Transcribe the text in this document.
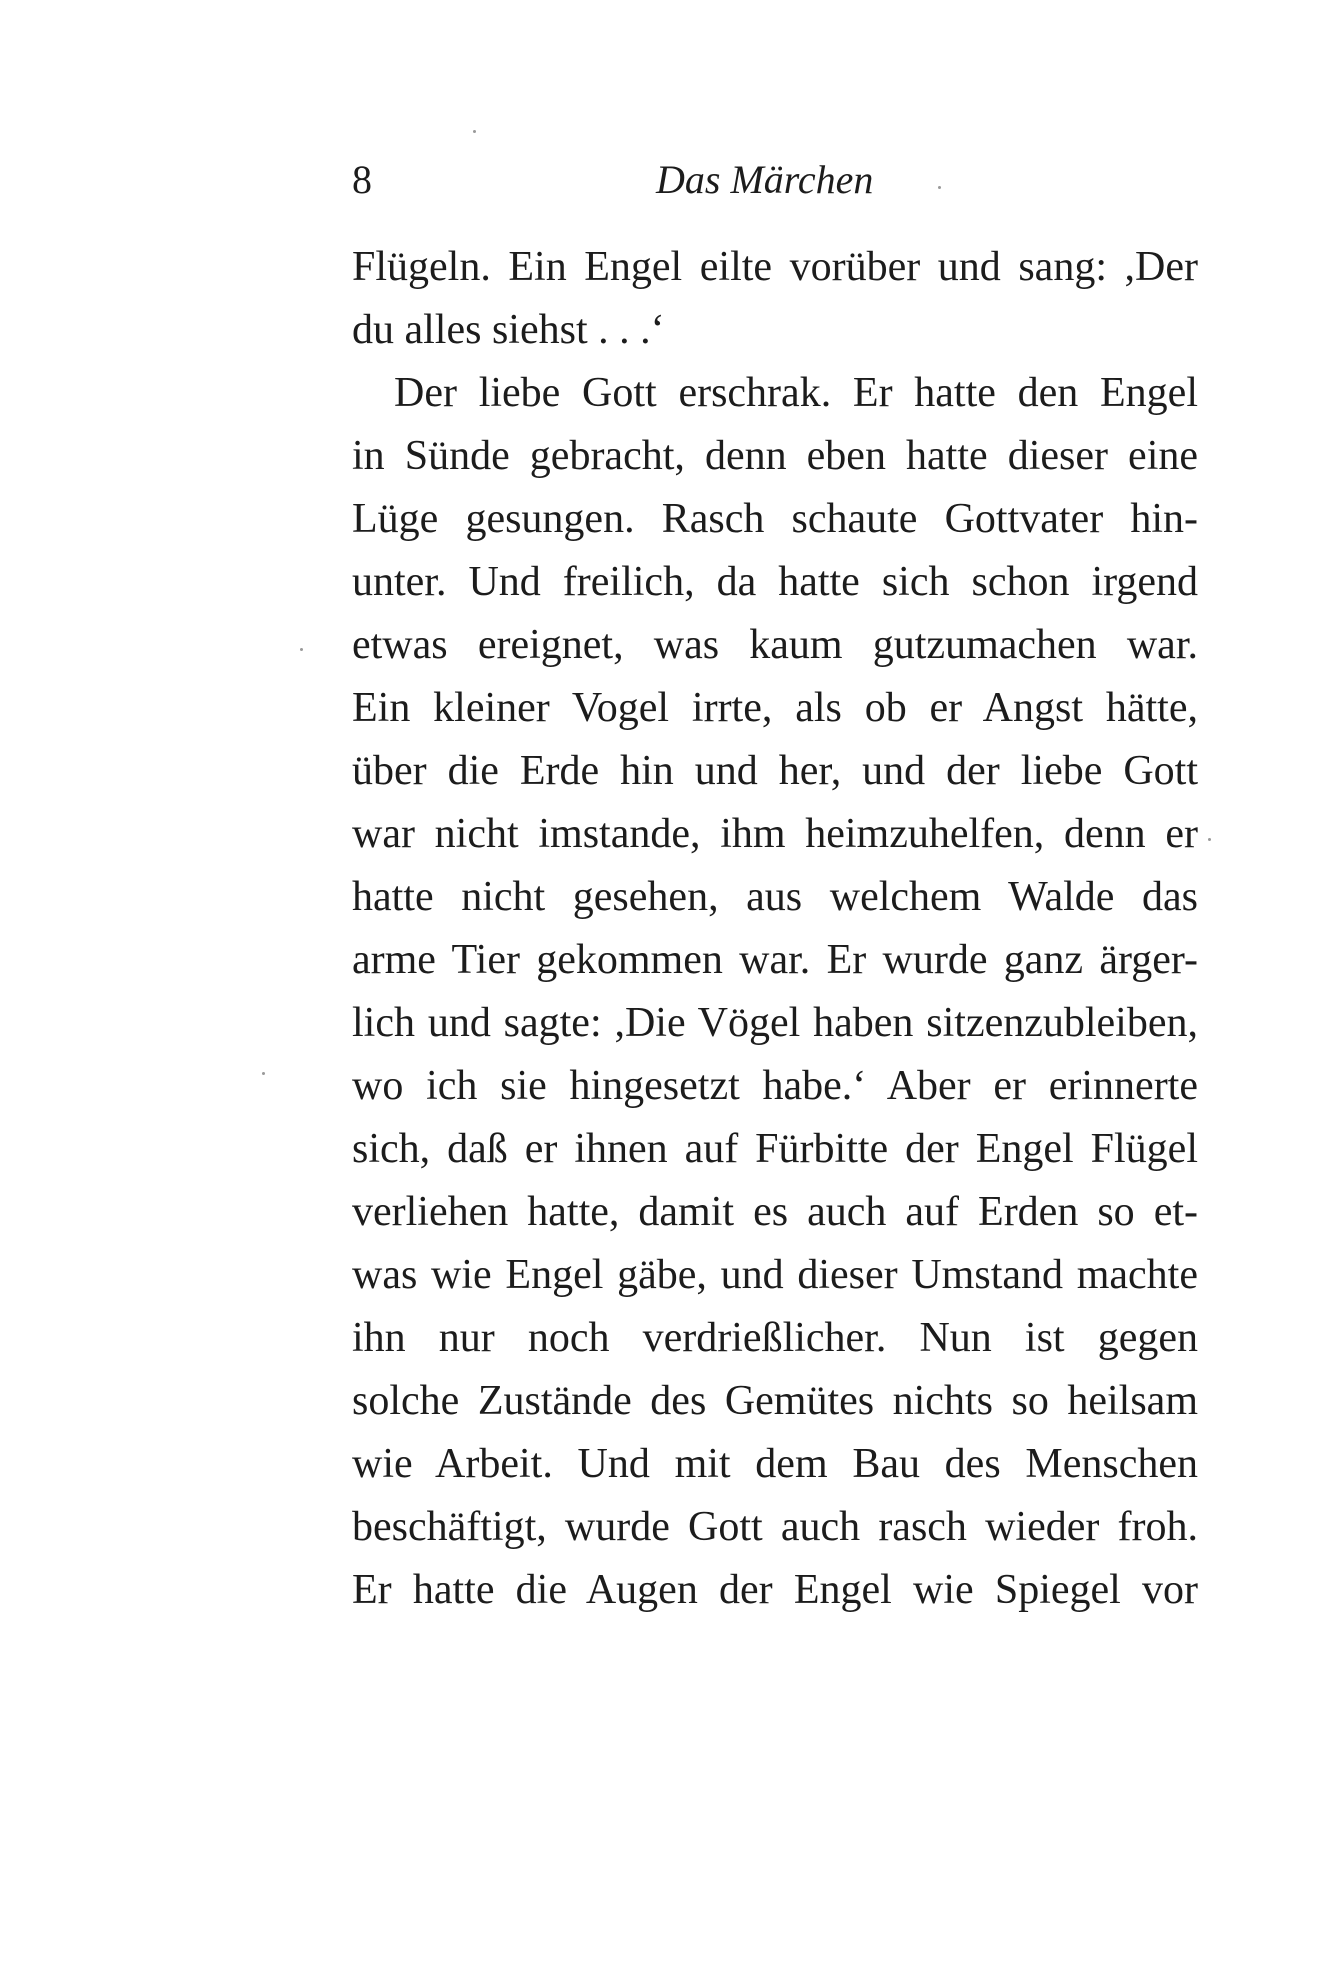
8	Das Märchen
Flügeln. Ein Engel eilte vorüber und sang: ,Der
du alles siehst . . .‘
Der liebe Gott erschrak. Er hatte den Engel
in Sünde gebracht, denn eben hatte dieser eine
Lüge gesungen. Rasch schaute Gottvater hin-
unter. Und freilich, da hatte sich schon irgend
etwas ereignet, was kaum gutzumachen war.
Ein kleiner Vogel irrte, als ob er Angst hätte,
über die Erde hin und her, und der liebe Gott
war nicht imstande, ihm heimzuhelfen, denn er
hatte nicht gesehen, aus welchem Walde das
arme Tier gekommen war. Er wurde ganz ärger-
lich und sagte: ,Die Vögel haben sitzenzubleiben,
wo ich sie hingesetzt habe.‘ Aber er erinnerte
sich, daß er ihnen auf Fürbitte der Engel Flügel
verliehen hatte, damit es auch auf Erden so et-
was wie Engel gäbe, und dieser Umstand machte
ihn nur noch verdrießlicher. Nun ist gegen
solche Zustände des Gemütes nichts so heilsam
wie Arbeit. Und mit dem Bau des Menschen
beschäftigt, wurde Gott auch rasch wieder froh.
Er hatte die Augen der Engel wie Spiegel vor
